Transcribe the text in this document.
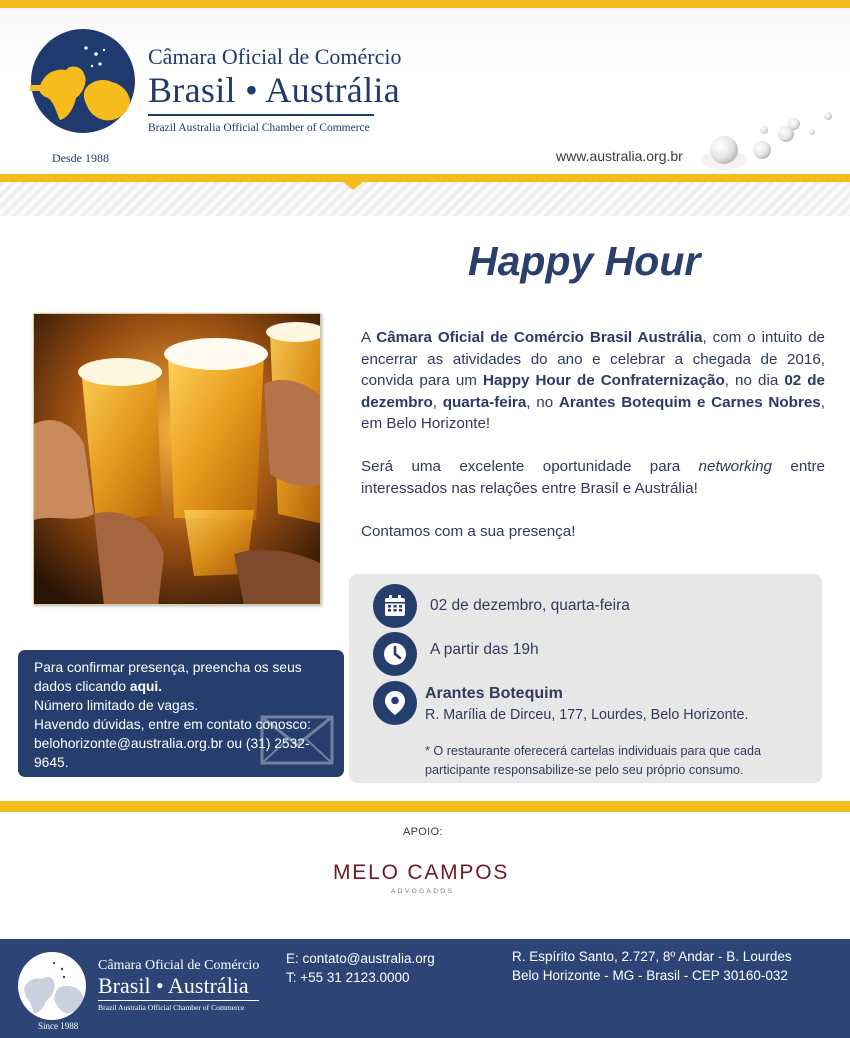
Câmara Oficial de Comércio
Brasil • Austrália
Brazil Australia Official Chamber of Commerce
Desde 1988	www.australia.org.br
Happy Hour

A Câmara Oficial de Comércio Brasil Austrália, com o intuito de encerrar as atividades do ano e celebrar a chegada de 2016, convida para um Happy Hour de Confraternização, no dia 02 de dezembro, quarta-feira, no Arantes Botequim e Carnes Nobres, em Belo Horizonte!

Será uma excelente oportunidade para networking entre interessados nas relações entre Brasil e Austrália!

Contamos com a sua presença!

Para confirmar presença, preencha os seus dados clicando aqui.
Número limitado de vagas.
Havendo dúvidas, entre em contato conosco: belohorizonte@australia.org.br ou (31) 2532-9645.
02 de dezembro, quarta-feira
A partir das 19h
Arantes Botequim
R. Marília de Dirceu, 177, Lourdes, Belo Horizonte.
* O restaurante oferecerá cartelas individuais para que cada participante responsabilize-se pelo seu próprio consumo.
APOIO:
MELO CAMPOS
ADVOGADOS
Câmara Oficial de Comércio
Brasil • Austrália
Brazil Australia Official Chamber of Commerce
Since 1988
E: contato@australia.org
T: +55 31 2123.0000
R. Espírito Santo, 2.727, 8º Andar - B. Lourdes
Belo Horizonte - MG - Brasil - CEP 30160-032
